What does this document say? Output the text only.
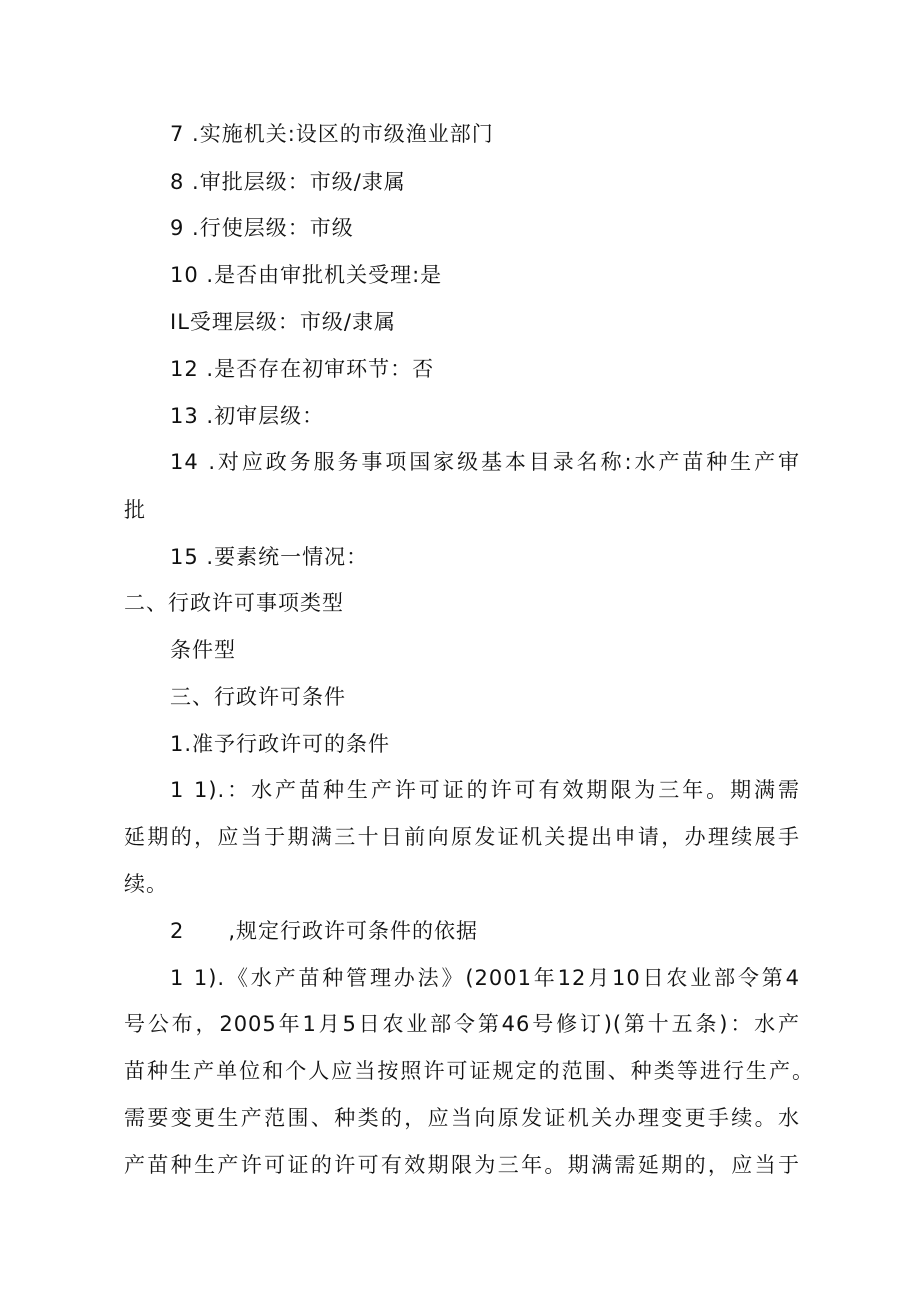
7 .实施机关:设区的市级渔业部门

8 .审批层级：市级/隶属

9 .行使层级：市级

10 .是否由审批机关受理:是

IL受理层级：市级/隶属

12 .是否存在初审环节：否

13 .初审层级：

14 .对应政务服务事项国家级基本目录名称:水产苗种生产审

批

15 .要素统一情况：

二、行政许可事项类型

条件型

三、行政许可条件

1.准予行政许可的条件

1 1).：水产苗种生产许可证的许可有效期限为三年。期满需

延期的，应当于期满三十日前向原发证机关提出申请，办理续展手

续。

2　　,规定行政许可条件的依据

1 1).《水产苗种管理办法》(2001年12月10日农业部令第4

号公布，2005年1月5日农业部令第46号修订)(第十五条)：水产

苗种生产单位和个人应当按照许可证规定的范围、种类等进行生产。

需要变更生产范围、种类的，应当向原发证机关办理变更手续。水

产苗种生产许可证的许可有效期限为三年。期满需延期的，应当于
